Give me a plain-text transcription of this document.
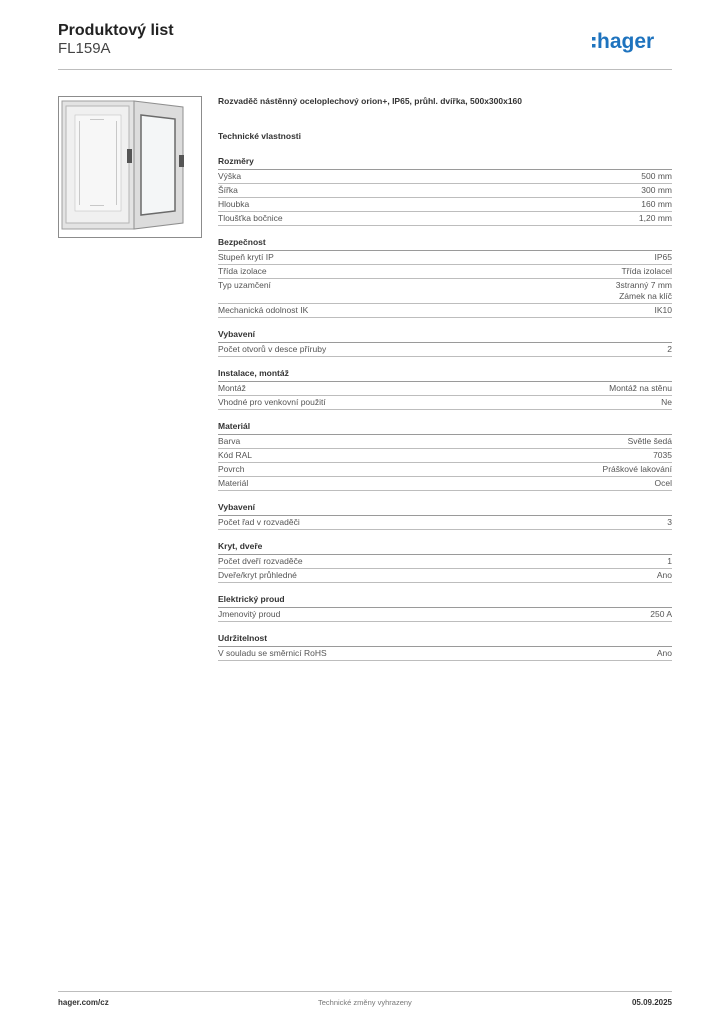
Produktový list
FL159A	hager
Rozvaděč nástěnný oceloplechový orion+, IP65, průhl. dvířka, 500x300x160
Technické vlastnosti
Rozměry
Výška	500 mm
Šířka	300 mm
Hloubka	160 mm
Tloušťka bočnice	1,20 mm
Bezpečnost
Stupeň krytí IP	IP65
Třída izolace	Třída izolacel
Typ uzamčení	3stranný 7 mm
Zámek na klíč
Mechanická odolnost IK	IK10
Vybavení
Počet otvorů v desce příruby	2
Instalace, montáž
Montáž	Montáž na stěnu
Vhodné pro venkovní použití	Ne
Materiál
Barva	Světle šedá
Kód RAL	7035
Povrch	Práškové lakování
Materiál	Ocel
Vybavení
Počet řad v rozvaděči	3
Kryt, dveře
Počet dveří rozvaděče	1
Dveře/kryt průhledné	Ano
Elektrický proud
Jmenovitý proud	250 A
Udržitelnost
V souladu se směrnicí RoHS	Ano
hager.com/cz	Technické změny vyhrazeny	05.09.2025
